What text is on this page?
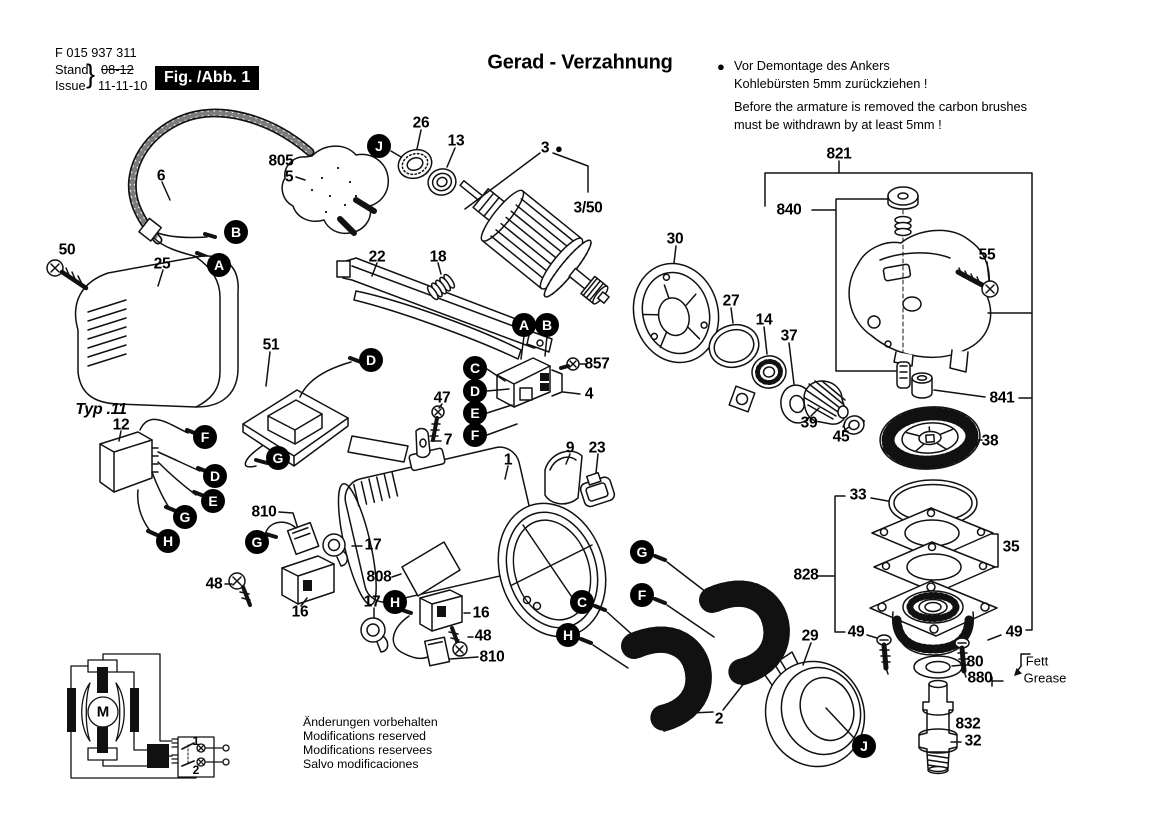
F 015 937 311
Stand
Issue } 08-12
11-11-10	Fig. /Abb. 1
Gerad - Verzahnung	● Vor Demontage des Ankers
Kohlebürsten 5mm zurückziehen !
Before the armature is removed the carbon brushes
must be withdrawn by at least 5mm !
●
805
5
6
26
13	3
3/50
50
25	22	18
30
27
14
37
39
45
821
840
55
841
857
4
47
7
1
9 23
Typ .11
12
51
810
17
48
16
808
17
16
48
810
2
29
828
49	49
80
880
Fett
Grease
832
32
38
33
35
J
B
A
A B
C
D
E
F
D
F
D
E
G
H
G
G
H
G
F
C
H
J
M
1
2
Änderungen vorbehalten
Modifications reserved
Modifications reservees
Salvo modificaciones
